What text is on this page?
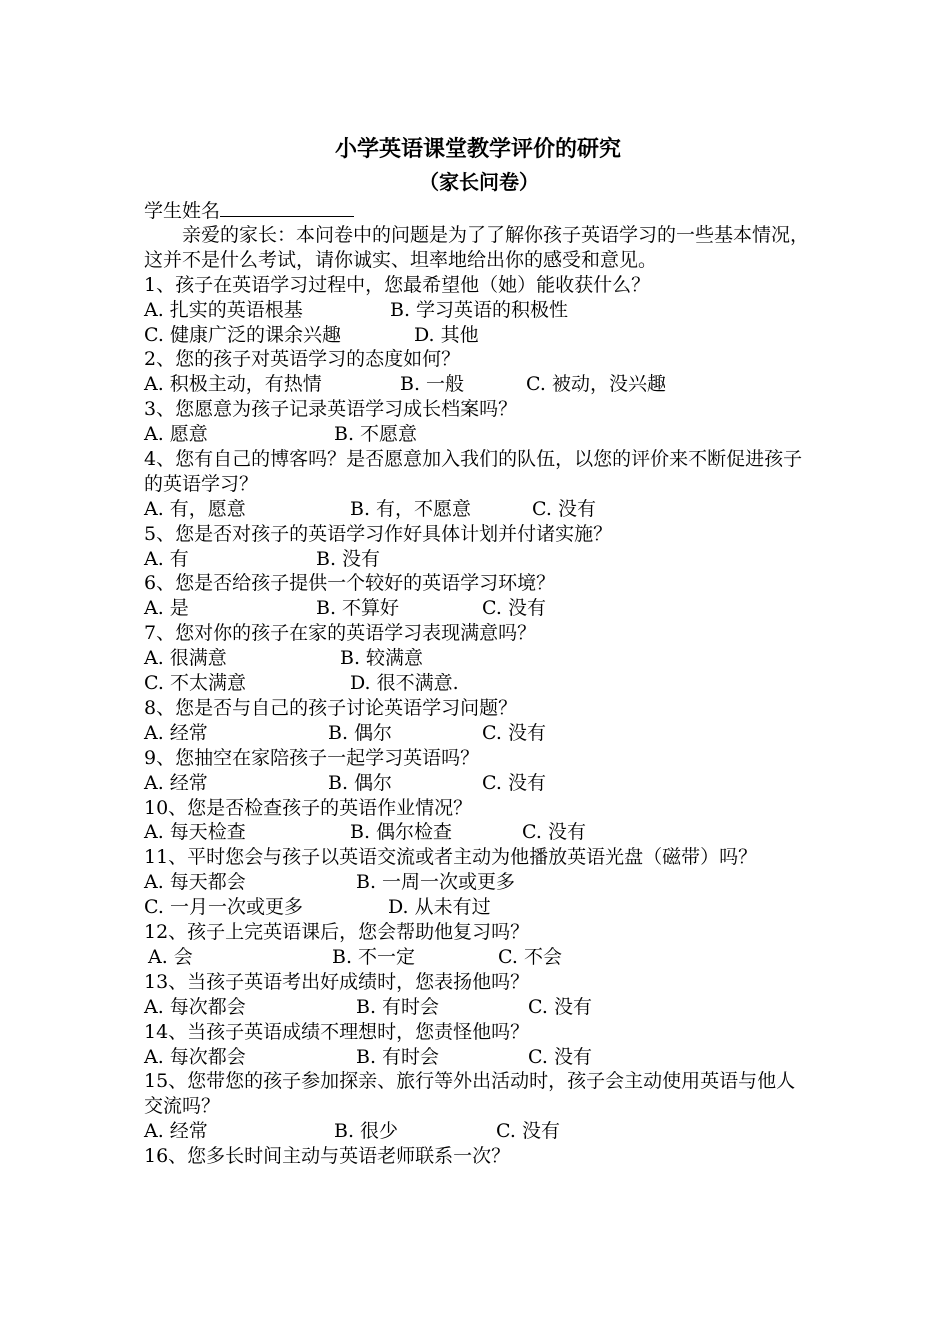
小学英语课堂教学评价的研究
（家长问卷）
学生姓名
亲爱的家长：本问卷中的问题是为了了解你孩子英语学习的一些基本情况，这并不是什么考试，请你诚实、坦率地给出你的感受和意见。
1、孩子在英语学习过程中，您最希望他（她）能收获什么？
A. 扎实的英语根基	B. 学习英语的积极性
C. 健康广泛的课余兴趣	D. 其他
2、您的孩子对英语学习的态度如何？
A. 积极主动，有热情	B. 一般	C. 被动，没兴趣
3、您愿意为孩子记录英语学习成长档案吗？
A. 愿意	B. 不愿意
4、您有自己的博客吗？是否愿意加入我们的队伍，以您的评价来不断促进孩子的英语学习？
A. 有，愿意	B. 有，不愿意	C. 没有
5、您是否对孩子的英语学习作好具体计划并付诸实施？
A. 有	B. 没有
6、您是否给孩子提供一个较好的英语学习环境？
A. 是	B. 不算好	C. 没有
7、您对你的孩子在家的英语学习表现满意吗？
A. 很满意	B. 较满意
C. 不太满意	D. 很不满意.
8、您是否与自己的孩子讨论英语学习问题？
A. 经常	B. 偶尔	C. 没有
9、您抽空在家陪孩子一起学习英语吗？
A. 经常	B. 偶尔	C. 没有
10、您是否检查孩子的英语作业情况？
A. 每天检查	B. 偶尔检查	C. 没有
11、平时您会与孩子以英语交流或者主动为他播放英语光盘（磁带）吗？
A. 每天都会	B. 一周一次或更多
C. 一月一次或更多	D. 从未有过
12、孩子上完英语课后，您会帮助他复习吗？
A. 会	B. 不一定	C. 不会
13、当孩子英语考出好成绩时，您表扬他吗？
A. 每次都会	B. 有时会	C. 没有
14、当孩子英语成绩不理想时，您责怪他吗？
A. 每次都会	B. 有时会	C. 没有
15、您带您的孩子参加探亲、旅行等外出活动时，孩子会主动使用英语与他人交流吗？
A. 经常	B. 很少	C. 没有
16、您多长时间主动与英语老师联系一次？
